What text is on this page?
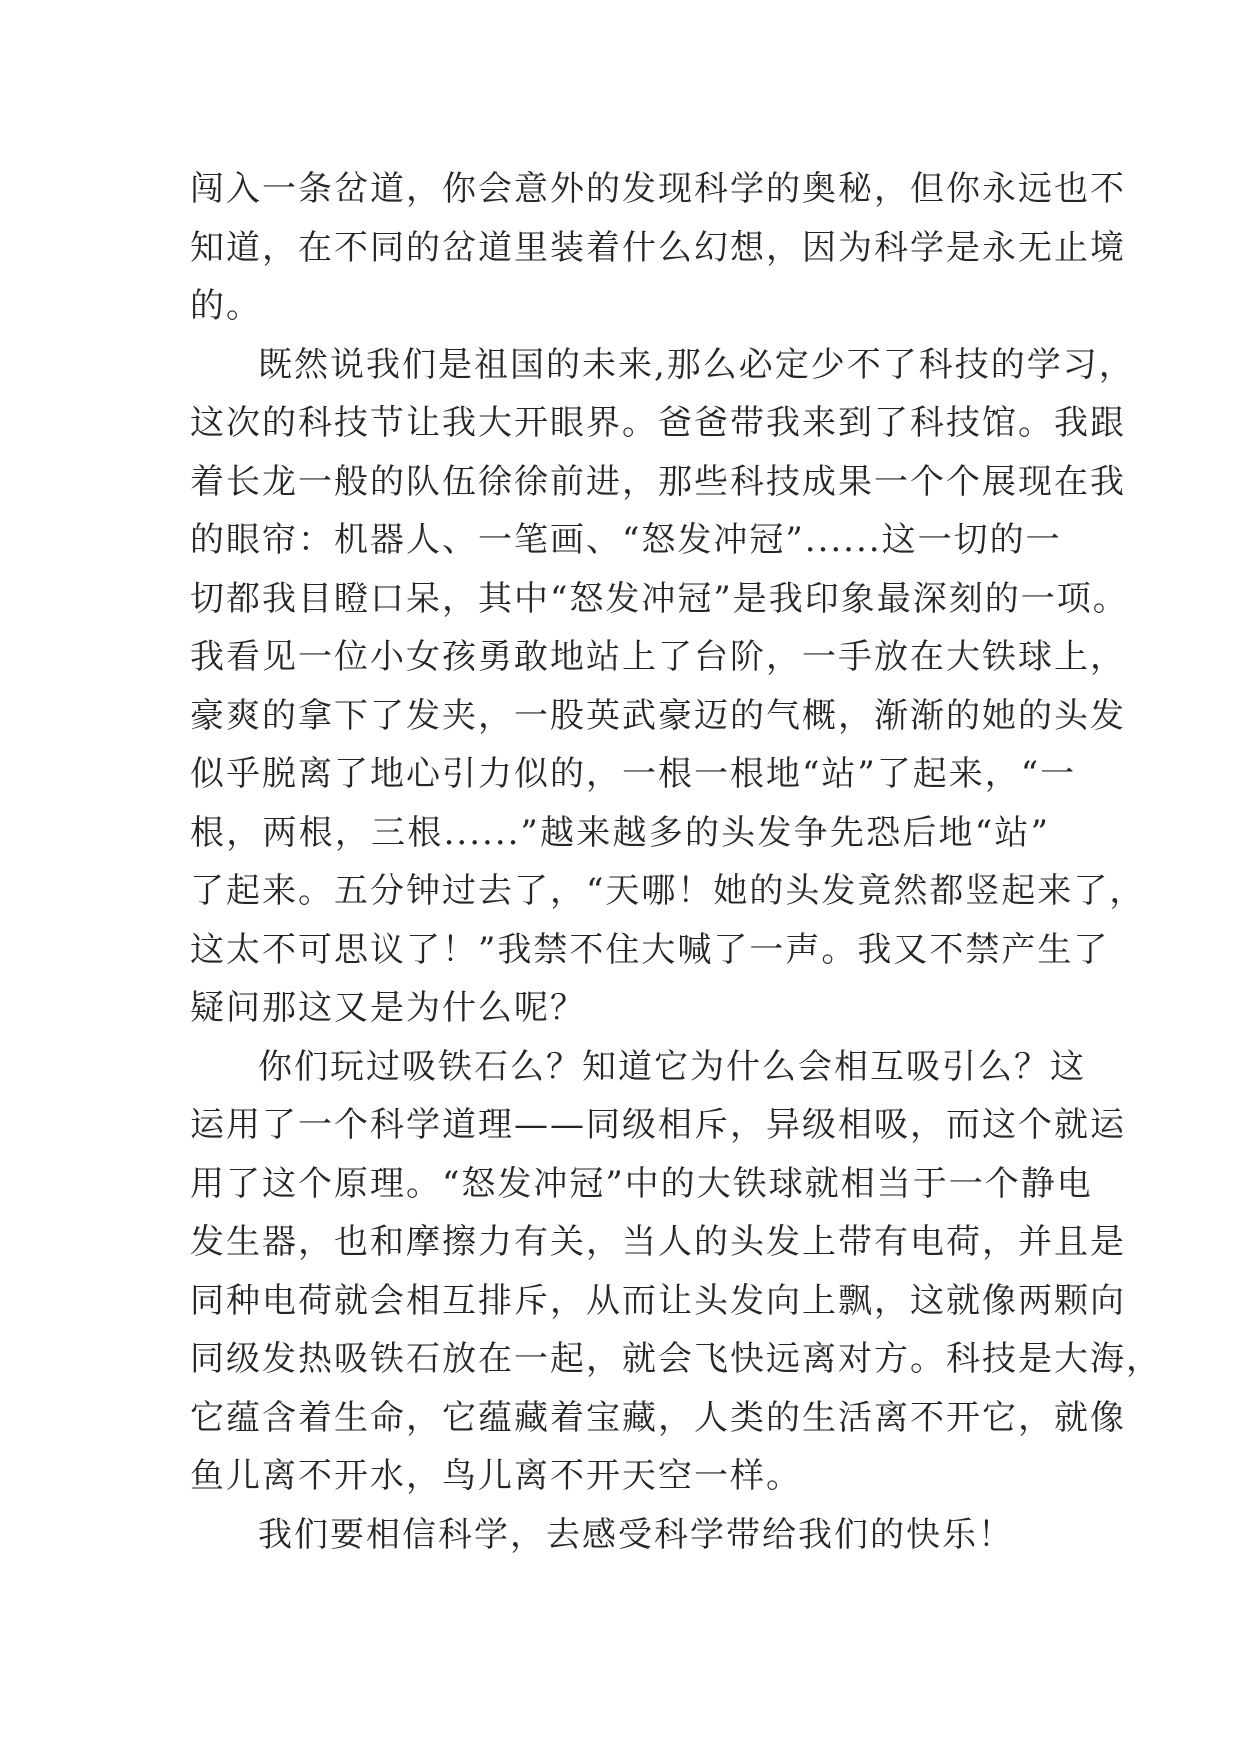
闯入一条岔道，你会意外的发现科学的奥秘，但你永远也不
知道，在不同的岔道里装着什么幻想，因为科学是永无止境
的。
既然说我们是祖国的未来,那么必定少不了科技的学习，
这次的科技节让我大开眼界。爸爸带我来到了科技馆。我跟
着长龙一般的队伍徐徐前进，那些科技成果一个个展现在我
的眼帘：机器人、一笔画、“怒发冲冠”......这一切的一
切都我目瞪口呆，其中“怒发冲冠”是我印象最深刻的一项。
我看见一位小女孩勇敢地站上了台阶，一手放在大铁球上，
豪爽的拿下了发夹，一股英武豪迈的气概，渐渐的她的头发
似乎脱离了地心引力似的，一根一根地“站”了起来，“一
根，两根，三根......”越来越多的头发争先恐后地“站”
了起来。五分钟过去了，“天哪！她的头发竟然都竖起来了，
这太不可思议了！”我禁不住大喊了一声。我又不禁产生了
疑问那这又是为什么呢？
你们玩过吸铁石么？知道它为什么会相互吸引么？这
运用了一个科学道理——同级相斥，异级相吸，而这个就运
用了这个原理。“怒发冲冠”中的大铁球就相当于一个静电
发生器，也和摩擦力有关，当人的头发上带有电荷，并且是
同种电荷就会相互排斥，从而让头发向上飘，这就像两颗向
同级发热吸铁石放在一起，就会飞快远离对方。科技是大海，
它蕴含着生命，它蕴藏着宝藏，人类的生活离不开它，就像
鱼儿离不开水，鸟儿离不开天空一样。
我们要相信科学，去感受科学带给我们的快乐！
